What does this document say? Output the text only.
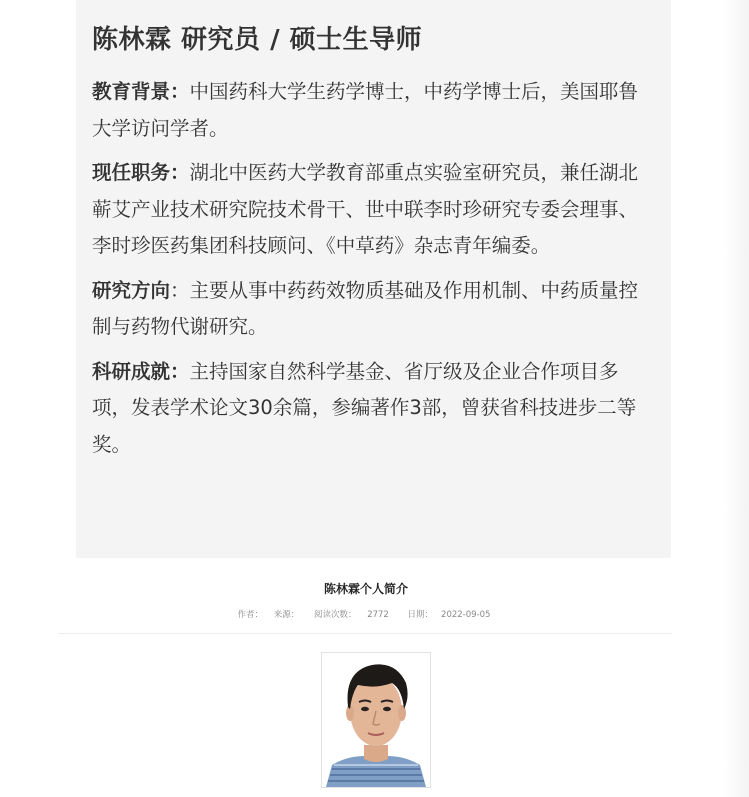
陈林霖 研究员 / 硕士生导师

教育背景：中国药科大学生药学博士，中药学博士后，美国耶鲁大学访问学者。

现任职务：湖北中医药大学教育部重点实验室研究员，兼任湖北蕲艾产业技术研究院技术骨干、世中联李时珍研究专委会理事、李时珍医药集团科技顾问、《中草药》杂志青年编委。

研究方向：主要从事中药药效物质基础及作用机制、中药质量控制与药物代谢研究。

科研成就：主持国家自然科学基金、省厅级及企业合作项目多项，发表学术论文30余篇，参编著作3部，曾获省科技进步二等奖。

陈林霖个人简介
作者： 来源： 阅读次数： 2772 日期： 2022-09-05
